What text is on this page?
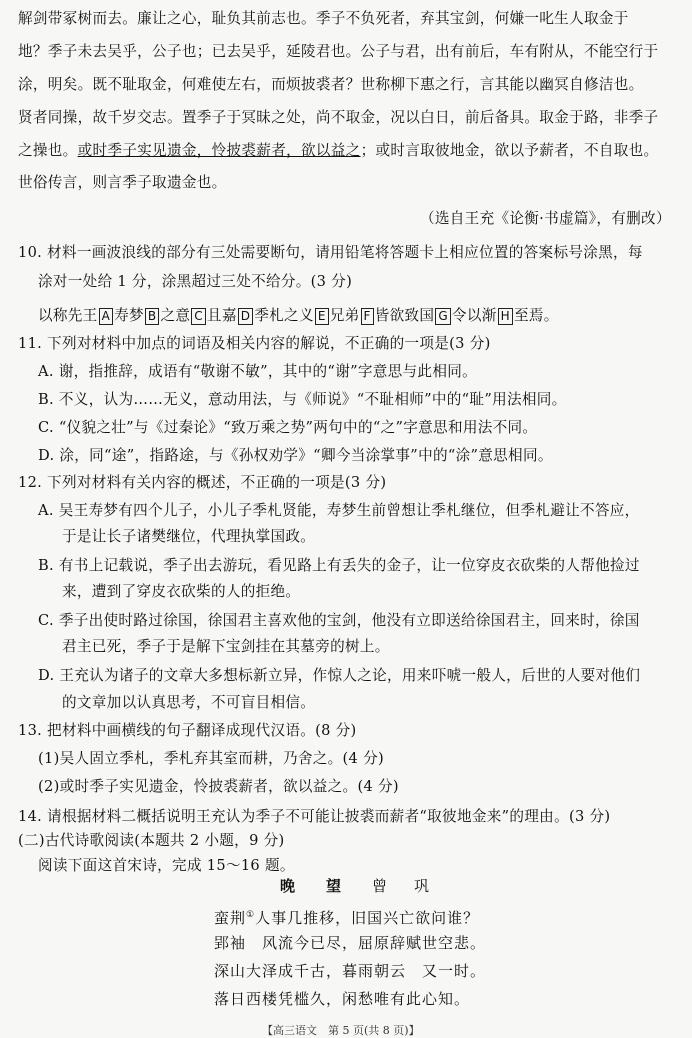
解剑带冢树而去。廉让之心，耻负其前志也。季子不负死者，弃其宝剑，何嫌一叱生人取金于
地？季子未去吴乎，公子也；已去吴乎，延陵君也。公子与君，出有前后，车有附从，不能空行于
涂，明矣。既不耻取金，何难使左右，而烦披裘者？世称柳下惠之行，言其能以幽冥自修洁也。
贤者同操，故千岁交志。置季子于冥昧之处，尚不取金，况以白日，前后备具。取金于路，非季子
之操也。或时季子实见遗金，怜披裘薪者，欲以益之；或时言取彼地金，欲以予薪者，不自取也。
世俗传言，则言季子取遗金也。
（选自王充《论衡·书虚篇》，有删改）
10. 材料一画波浪线的部分有三处需要断句，请用铅笔将答题卡上相应位置的答案标号涂黑，每
涂对一处给 1 分，涂黑超过三处不给分。(3 分)
以称先王 A 寿梦 B 之意 C 且嘉 D 季札之义 E 兄弟 F 皆欲致国 G 令以渐 H 至焉。
11. 下列对材料中加点的词语及相关内容的解说，不正确的一项是(3 分)
A. 谢，指推辞，成语有“敬谢不敏”，其中的“谢”字意思与此相同。
B. 不义，认为……无义，意动用法，与《师说》“不耻相师”中的“耻”用法相同。
C. “仪貌之壮”与《过秦论》“致万乘之势”两句中的“之”字意思和用法不同。
D. 涂，同“途”，指路途，与《孙权劝学》“卿今当涂掌事”中的“涂”意思相同。
12. 下列对材料有关内容的概述，不正确的一项是(3 分)
A. 吴王寿梦有四个儿子，小儿子季札贤能，寿梦生前曾想让季札继位，但季札避让不答应，
于是让长子诸樊继位，代理执掌国政。
B. 有书上记载说，季子出去游玩，看见路上有丢失的金子，让一位穿皮衣砍柴的人帮他捡过
来，遭到了穿皮衣砍柴的人的拒绝。
C. 季子出使时路过徐国，徐国君主喜欢他的宝剑，他没有立即送给徐国君主，回来时，徐国
君主已死，季子于是解下宝剑挂在其墓旁的树上。
D. 王充认为诸子的文章大多想标新立异，作惊人之论，用来吓唬一般人，后世的人要对他们
的文章加以认真思考，不可盲目相信。
13. 把材料中画横线的句子翻译成现代汉语。(8 分)
(1)吴人固立季札，季札弃其室而耕，乃舍之。(4 分)
(2)或时季子实见遗金，怜披裘薪者，欲以益之。(4 分)
14. 请根据材料二概括说明王充认为季子不可能让披裘而薪者“取彼地金来”的理由。(3 分)
(二)古代诗歌阅读(本题共 2 小题，9 分)
阅读下面这首宋诗，完成 15～16 题。
晚　望　 曾　巩
蛮荆①人事几推移，旧国兴亡欲问谁？
郢袖　风流今已尽，屈原辞赋世空悲。
深山大泽成千古，暮雨朝云　又一时。
落日西楼凭槛久，闲愁唯有此心知。
【高三语文　第 5 页(共 8 页)】
